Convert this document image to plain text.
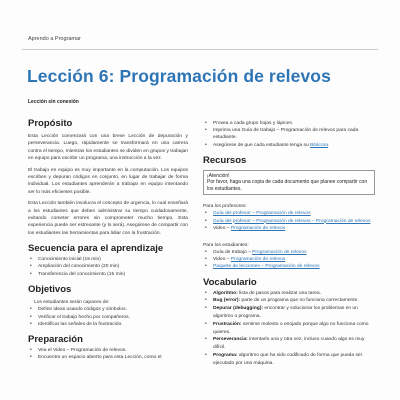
Aprendo a Programar
Lección 6: Programación de relevos
Lección sin conexión
Propósito

Esta Lección comenzará con una breve Lección de depuración y perseverancia. Luego, rápidamente se transformará en una carrera contra el tiempo, mientras los estudiantes se dividen en grupos y trabajan en equipo para escribir un programa, una instrucción a la vez.

El trabajo en equipo es muy importante en la computación. Los equipos escriben y depuran códigos en conjunto, en lugar de trabajar de forma individual. Los estudiantes aprenderán a trabajar en equipo intentando ser lo más eficientes posible.

Esta Lección también involucra el concepto de urgencia, lo cual enseñará a los estudiantes que deben administrar su tiempo cuidadosamente, evitando cometer errores sin comprometer mucho tiempo. Esta experiencia puede ser estresante (y lo será). Asegúrese de compartir con los estudiantes las herramientas para lidiar con la frustración.

Secuencia para el aprendizaje
• Conocimiento inicial (15 min)
• Ampliación del conocimiento (20 min)
• Transferencia del conocimiento (15 min)
Objetivos

Los estudiantes serán capaces de:

• Definir ideas usando códigos y símbolos.
• Verificar el trabajo hecho por compañeros.
• Identificar las señales de la frustración.
Preparación
• Vea el Video – Programación de relevos.
• Encuentre un espacio abierto para esta Lección, como el
• Provea a cada grupo hojas y lápices.
• Imprima una Guía de trabajo – Programación de relevos para cada estudiante.
• Asegúrese de que cada estudiante tenga su Bitácora.
Recursos
¡Atención!
Por favor, haga una copia de cada documento que planee compartir con los estudiantes.

Para los profesores:

• Guía del profesor – Programación de relevos
• Guía del profesor – Programación de relevos – Programación de relevos
• Video – Programación de relevos

Para los estudiantes:

• Guía de trabajo – Programación de relevos
• Video – Programación de relevos
• Paquete de lecciones – Programación de relevos
Vocabulario
• Algoritmo: lista de pasos para realizar una tarea.
• Bug (error): parte de un programa que no funciona correctamente.
• Depurar (debugging): encontrar y solucionar los problemas en un algoritmo o programa.
• Frustración: sentirse molesto o enojado porque algo no funciona como quieres.
• Perseverancia: intentarlo una y otra vez, incluso cuando algo es muy difícil.
• Programa: algoritmo que ha sido codificado de forma que pueda ser ejecutado por una máquina.
